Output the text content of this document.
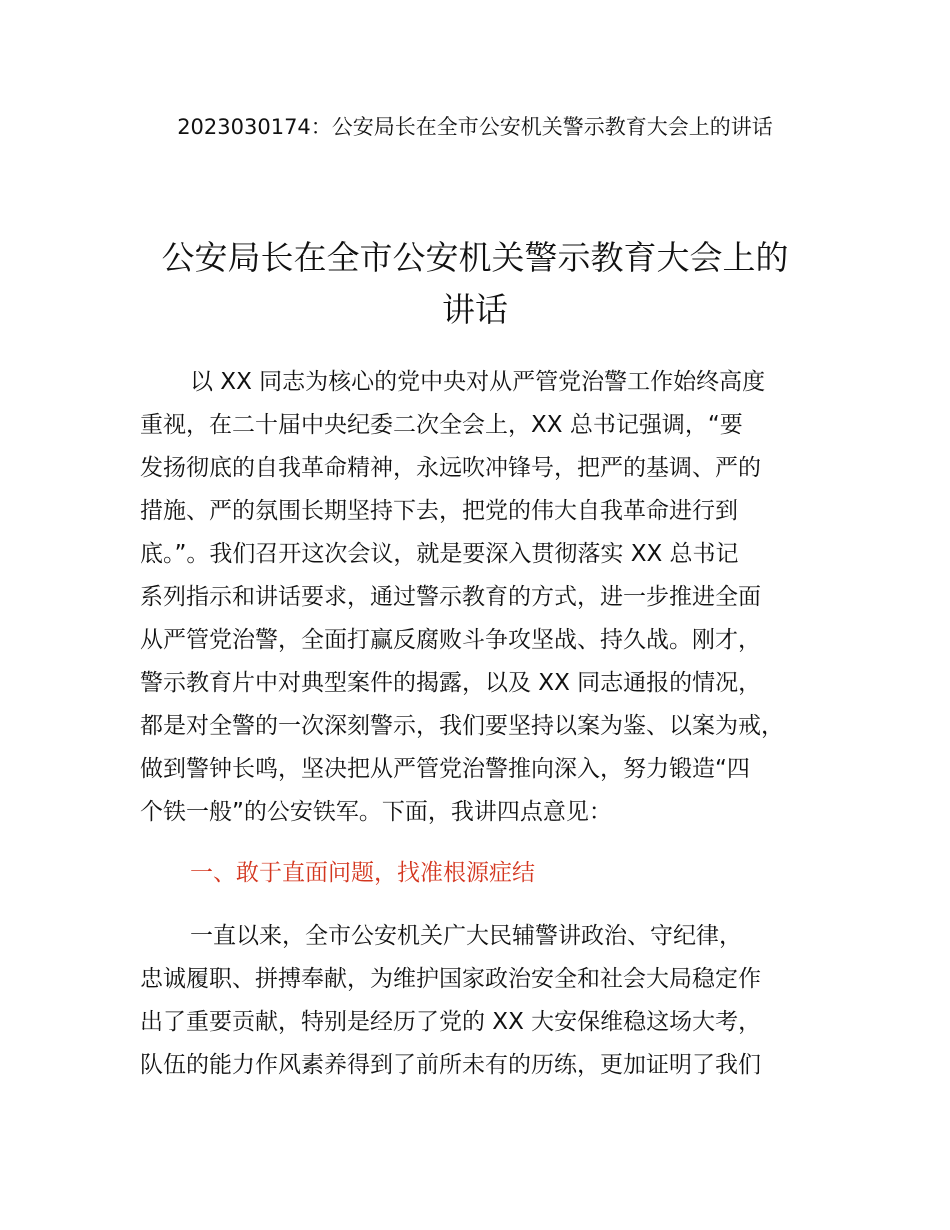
2023030174：公安局长在全市公安机关警示教育大会上的讲话
公安局长在全市公安机关警示教育大会上的
讲话
以 XX 同志为核心的党中央对从严管党治警工作始终高度
重视，在二十届中央纪委二次全会上，XX 总书记强调，“要
发扬彻底的自我革命精神，永远吹冲锋号，把严的基调、严的
措施、严的氛围长期坚持下去，把党的伟大自我革命进行到
底。”。我们召开这次会议，就是要深入贯彻落实 XX 总书记
系列指示和讲话要求，通过警示教育的方式，进一步推进全面
从严管党治警，全面打赢反腐败斗争攻坚战、持久战。刚才，
警示教育片中对典型案件的揭露，以及 XX 同志通报的情况，
都是对全警的一次深刻警示，我们要坚持以案为鉴、以案为戒，
做到警钟长鸣，坚决把从严管党治警推向深入，努力锻造“四
个铁一般”的公安铁军。下面，我讲四点意见：
一、敢于直面问题，找准根源症结
一直以来，全市公安机关广大民辅警讲政治、守纪律，
忠诚履职、拼搏奉献，为维护国家政治安全和社会大局稳定作
出了重要贡献，特别是经历了党的 XX 大安保维稳这场大考，
队伍的能力作风素养得到了前所未有的历练，更加证明了我们
